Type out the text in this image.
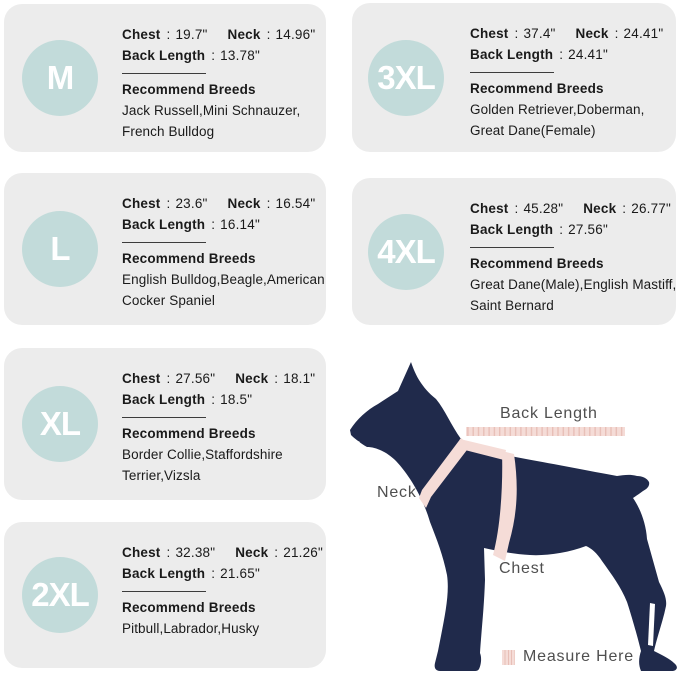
M
Chest : 19.7" Neck : 14.96"
Back Length : 13.78"
Recommend Breeds
Jack Russell,Mini Schnauzer,
French Bulldog
L
Chest : 23.6" Neck : 16.54"
Back Length : 16.14"
Recommend Breeds
English Bulldog,Beagle,American
Cocker Spaniel
XL
Chest : 27.56" Neck : 18.1"
Back Length : 18.5"
Recommend Breeds
Border Collie,Staffordshire
Terrier,Vizsla
2XL
Chest : 32.38" Neck : 21.26"
Back Length : 21.65"
Recommend Breeds
Pitbull,Labrador,Husky
3XL
Chest : 37.4" Neck : 24.41"
Back Length : 24.41"
Recommend Breeds
Golden Retriever,Doberman,
Great Dane(Female)
4XL
Chest : 45.28" Neck : 26.77"
Back Length : 27.56"
Recommend Breeds
Great Dane(Male),English Mastiff,
Saint Bernard
Back Length
Neck
Chest
Measure Here
